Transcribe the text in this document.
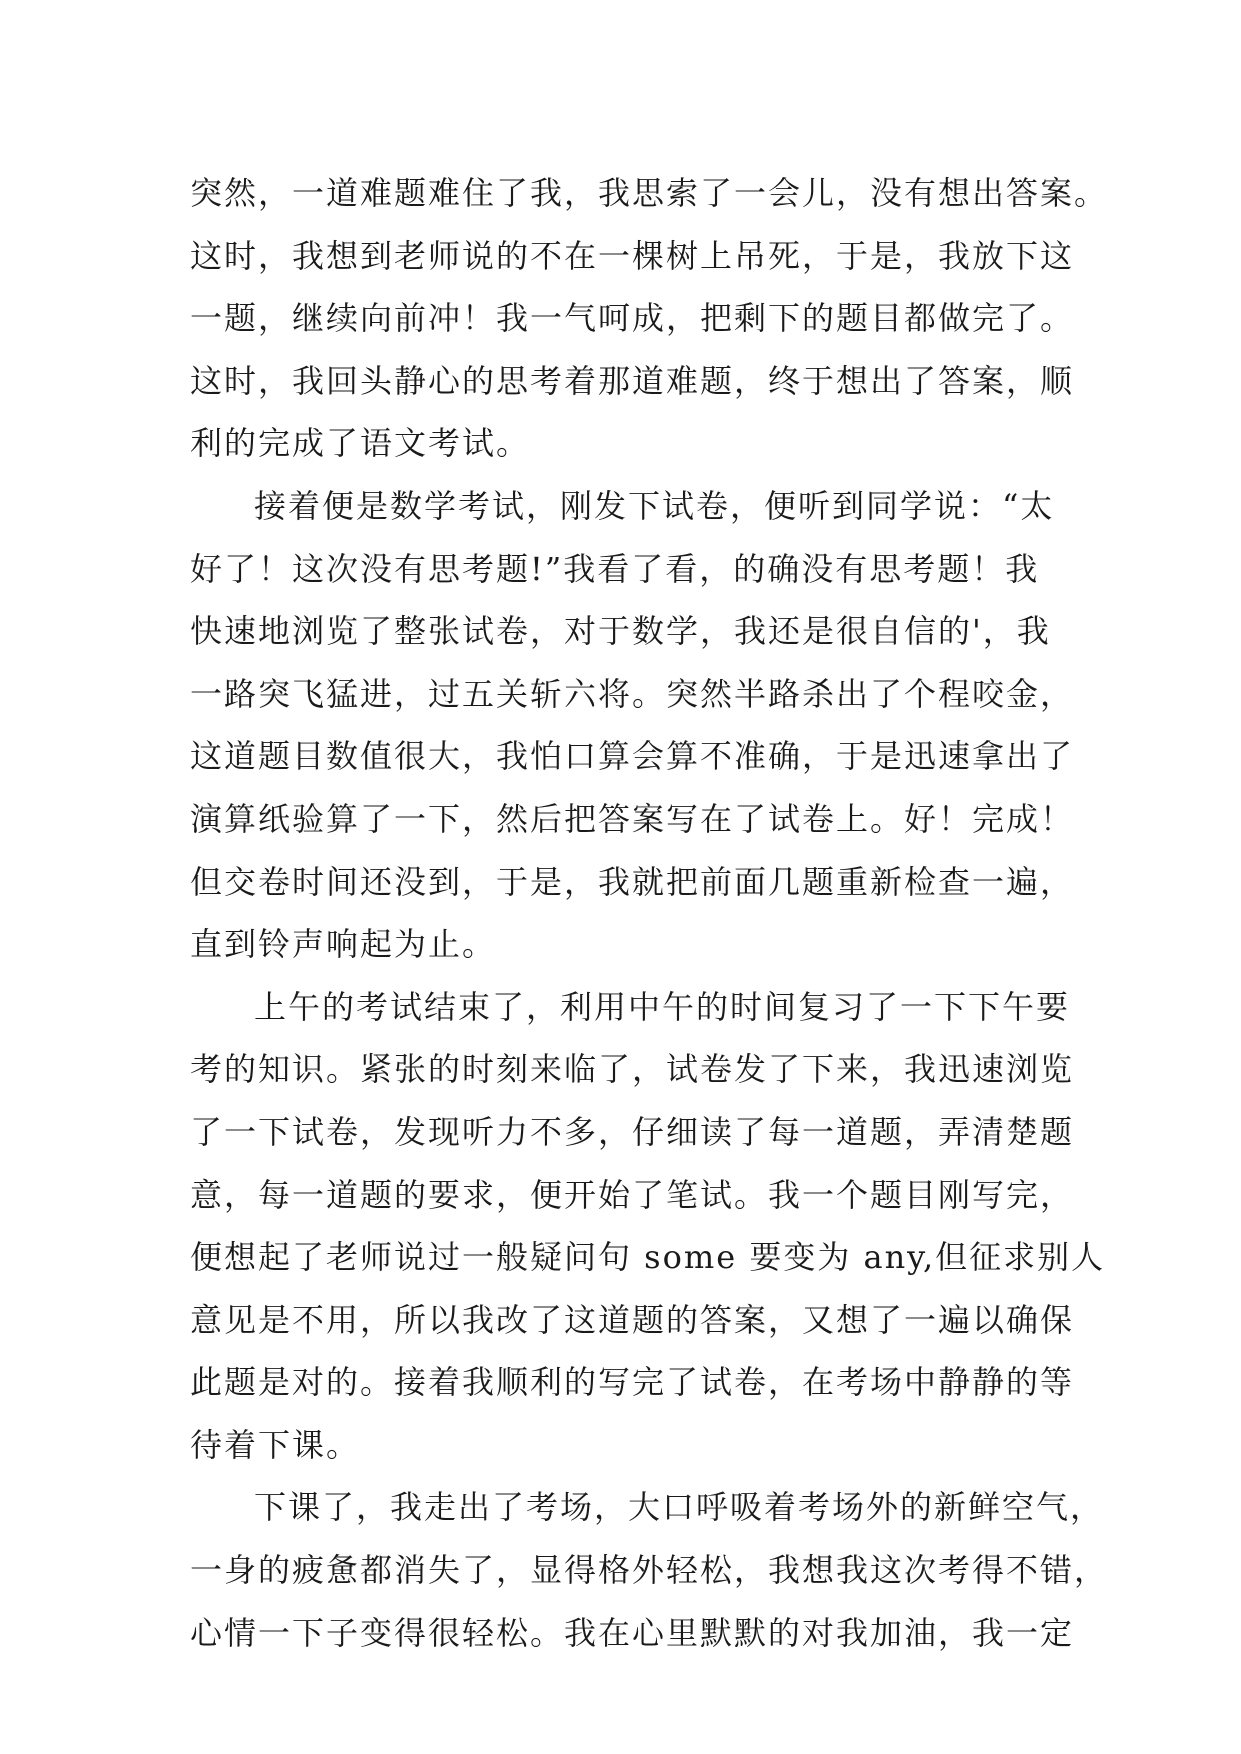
突然，一道难题难住了我，我思索了一会儿，没有想出答案。
这时，我想到老师说的不在一棵树上吊死，于是，我放下这
一题，继续向前冲！我一气呵成，把剩下的题目都做完了。
这时，我回头静心的思考着那道难题，终于想出了答案，顺
利的完成了语文考试。
接着便是数学考试，刚发下试卷，便听到同学说：“太
好了！这次没有思考题!”我看了看，的确没有思考题！我
快速地浏览了整张试卷，对于数学，我还是很自信的'，我
一路突飞猛进，过五关斩六将。突然半路杀出了个程咬金，
这道题目数值很大，我怕口算会算不准确，于是迅速拿出了
演算纸验算了一下，然后把答案写在了试卷上。好！完成！
但交卷时间还没到，于是，我就把前面几题重新检查一遍，
直到铃声响起为止。
上午的考试结束了，利用中午的时间复习了一下下午要
考的知识。紧张的时刻来临了，试卷发了下来，我迅速浏览
了一下试卷，发现听力不多，仔细读了每一道题，弄清楚题
意，每一道题的要求，便开始了笔试。我一个题目刚写完，
便想起了老师说过一般疑问句 some 要变为 any,但征求别人
意见是不用，所以我改了这道题的答案，又想了一遍以确保
此题是对的。接着我顺利的写完了试卷，在考场中静静的等
待着下课。
下课了，我走出了考场，大口呼吸着考场外的新鲜空气，
一身的疲惫都消失了，显得格外轻松，我想我这次考得不错，
心情一下子变得很轻松。我在心里默默的对我加油，我一定
